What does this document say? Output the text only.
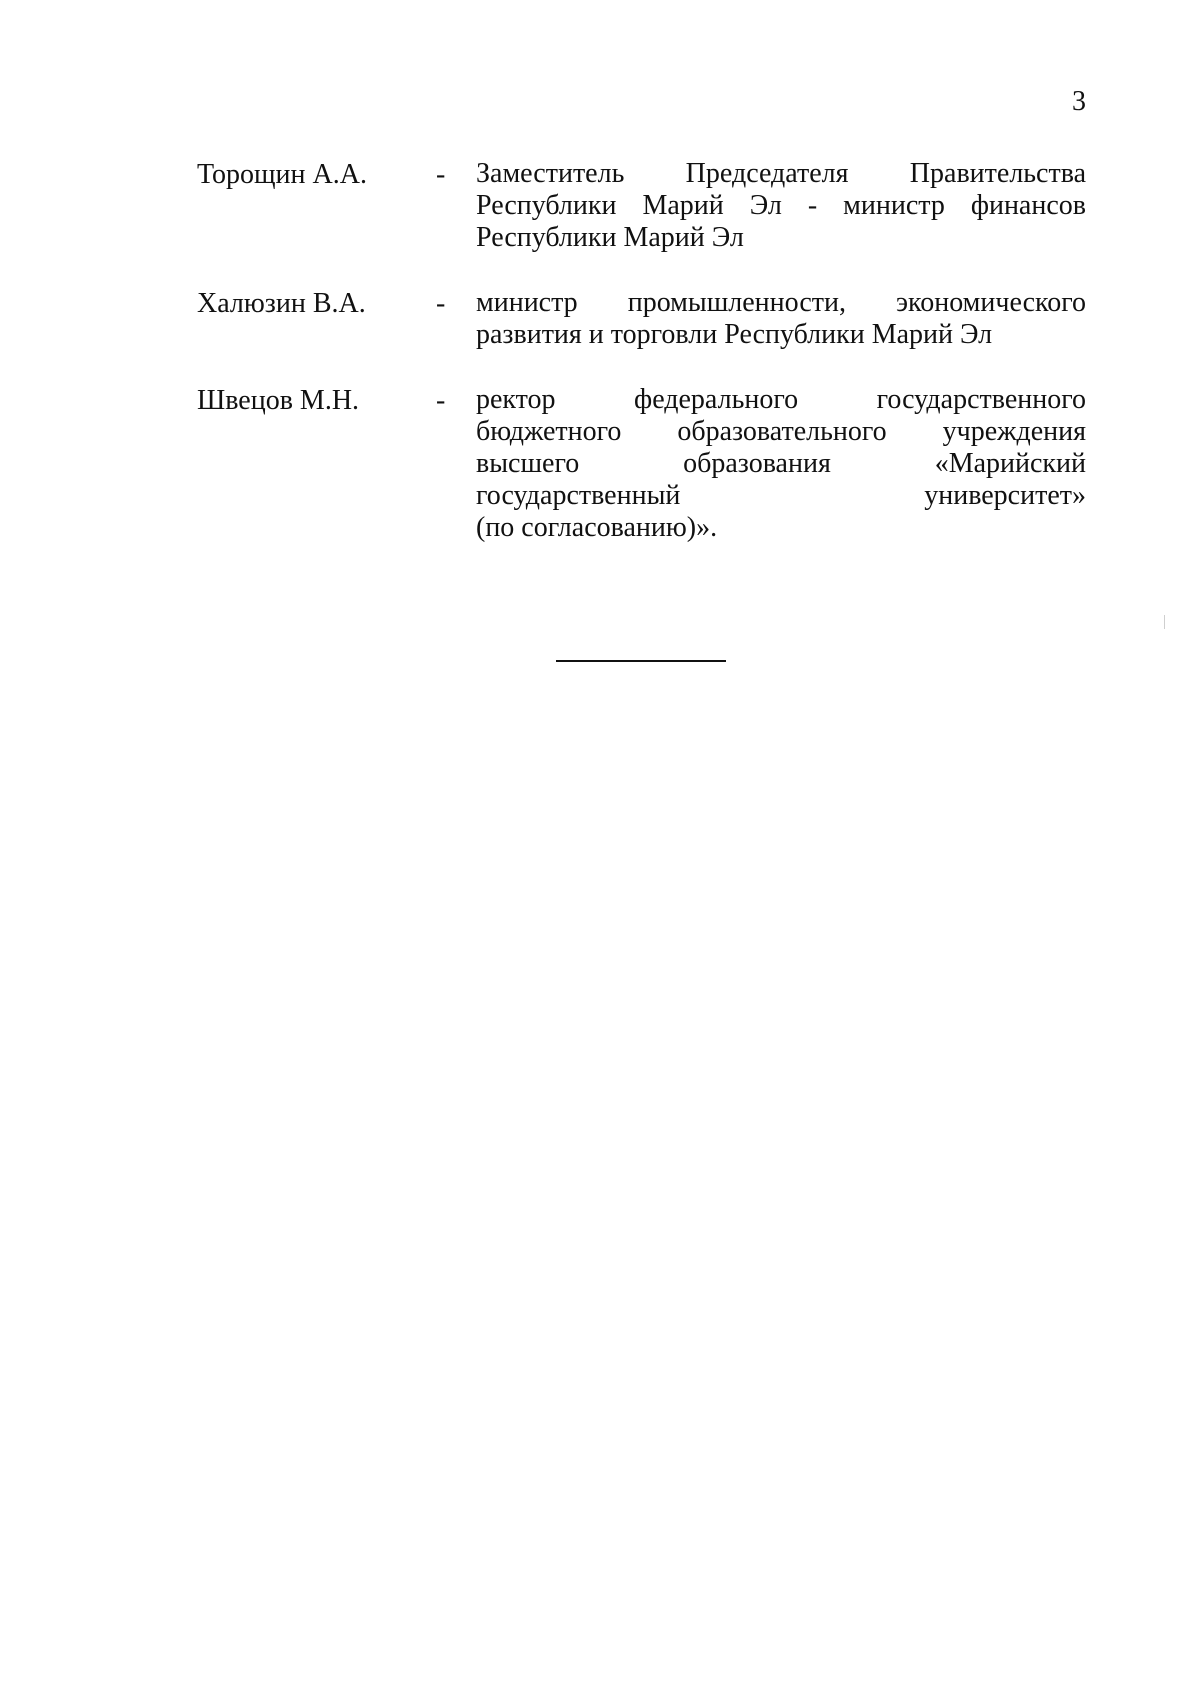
3
Торощин А.А. - Заместитель Председателя Правительства
Республики Марий Эл - министр финансов
Республики Марий Эл
Халюзин В.А.	- министр промышленности, экономического
развития и торговли Республики Марий Эл
Швецов М.Н.	- ректор федерального государственного
бюджетного образовательного учреждения
высшего образования «Марийский
государственный университет»
(по согласованию)».
